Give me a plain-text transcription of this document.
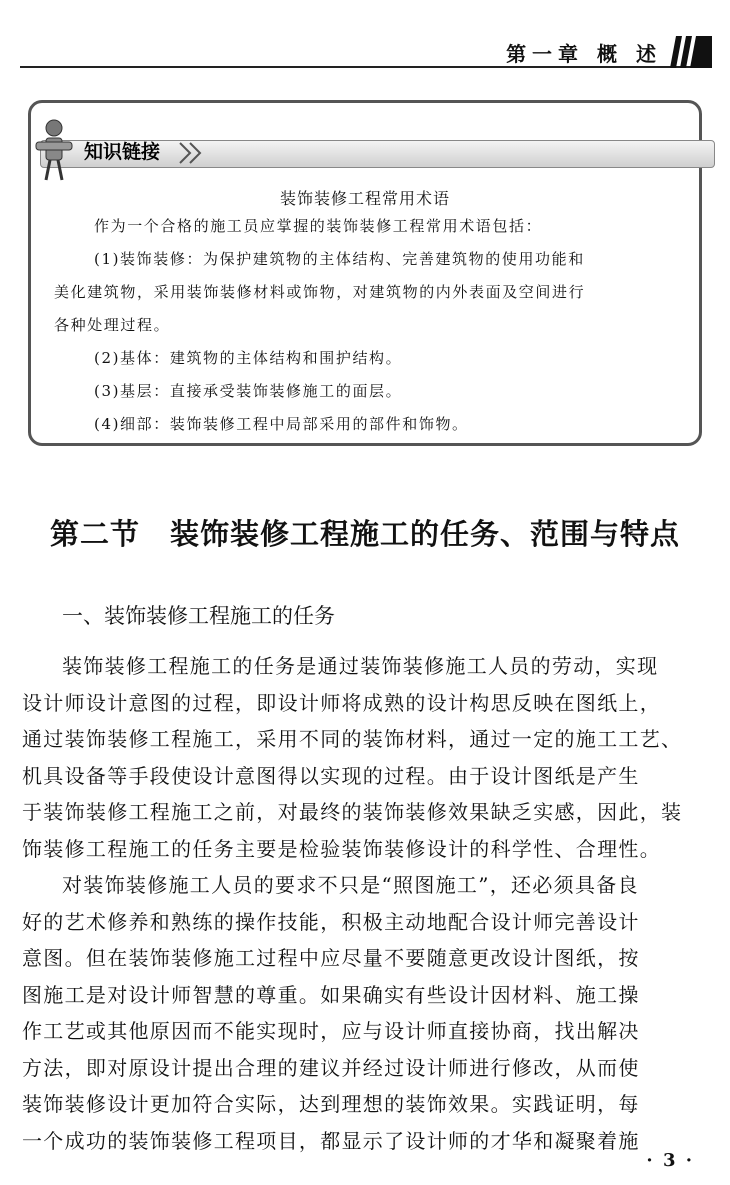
第一章 概 述
知识链接
装饰装修工程常用术语
作为一个合格的施工员应掌握的装饰装修工程常用术语包括：
(1)装饰装修：为保护建筑物的主体结构、完善建筑物的使用功能和
美化建筑物，采用装饰装修材料或饰物，对建筑物的内外表面及空间进行
各种处理过程。
(2)基体：建筑物的主体结构和围护结构。
(3)基层：直接承受装饰装修施工的面层。
(4)细部：装饰装修工程中局部采用的部件和饰物。
第二节　装饰装修工程施工的任务、范围与特点
一、装饰装修工程施工的任务
装饰装修工程施工的任务是通过装饰装修施工人员的劳动，实现
设计师设计意图的过程，即设计师将成熟的设计构思反映在图纸上，
通过装饰装修工程施工，采用不同的装饰材料，通过一定的施工工艺、
机具设备等手段使设计意图得以实现的过程。由于设计图纸是产生
于装饰装修工程施工之前，对最终的装饰装修效果缺乏实感，因此，装
饰装修工程施工的任务主要是检验装饰装修设计的科学性、合理性。
对装饰装修施工人员的要求不只是“照图施工”，还必须具备良
好的艺术修养和熟练的操作技能，积极主动地配合设计师完善设计
意图。但在装饰装修施工过程中应尽量不要随意更改设计图纸，按
图施工是对设计师智慧的尊重。如果确实有些设计因材料、施工操
作工艺或其他原因而不能实现时，应与设计师直接协商，找出解决
方法，即对原设计提出合理的建议并经过设计师进行修改，从而使
装饰装修设计更加符合实际，达到理想的装饰效果。实践证明，每
一个成功的装饰装修工程项目，都显示了设计师的才华和凝聚着施
· 3 ·
